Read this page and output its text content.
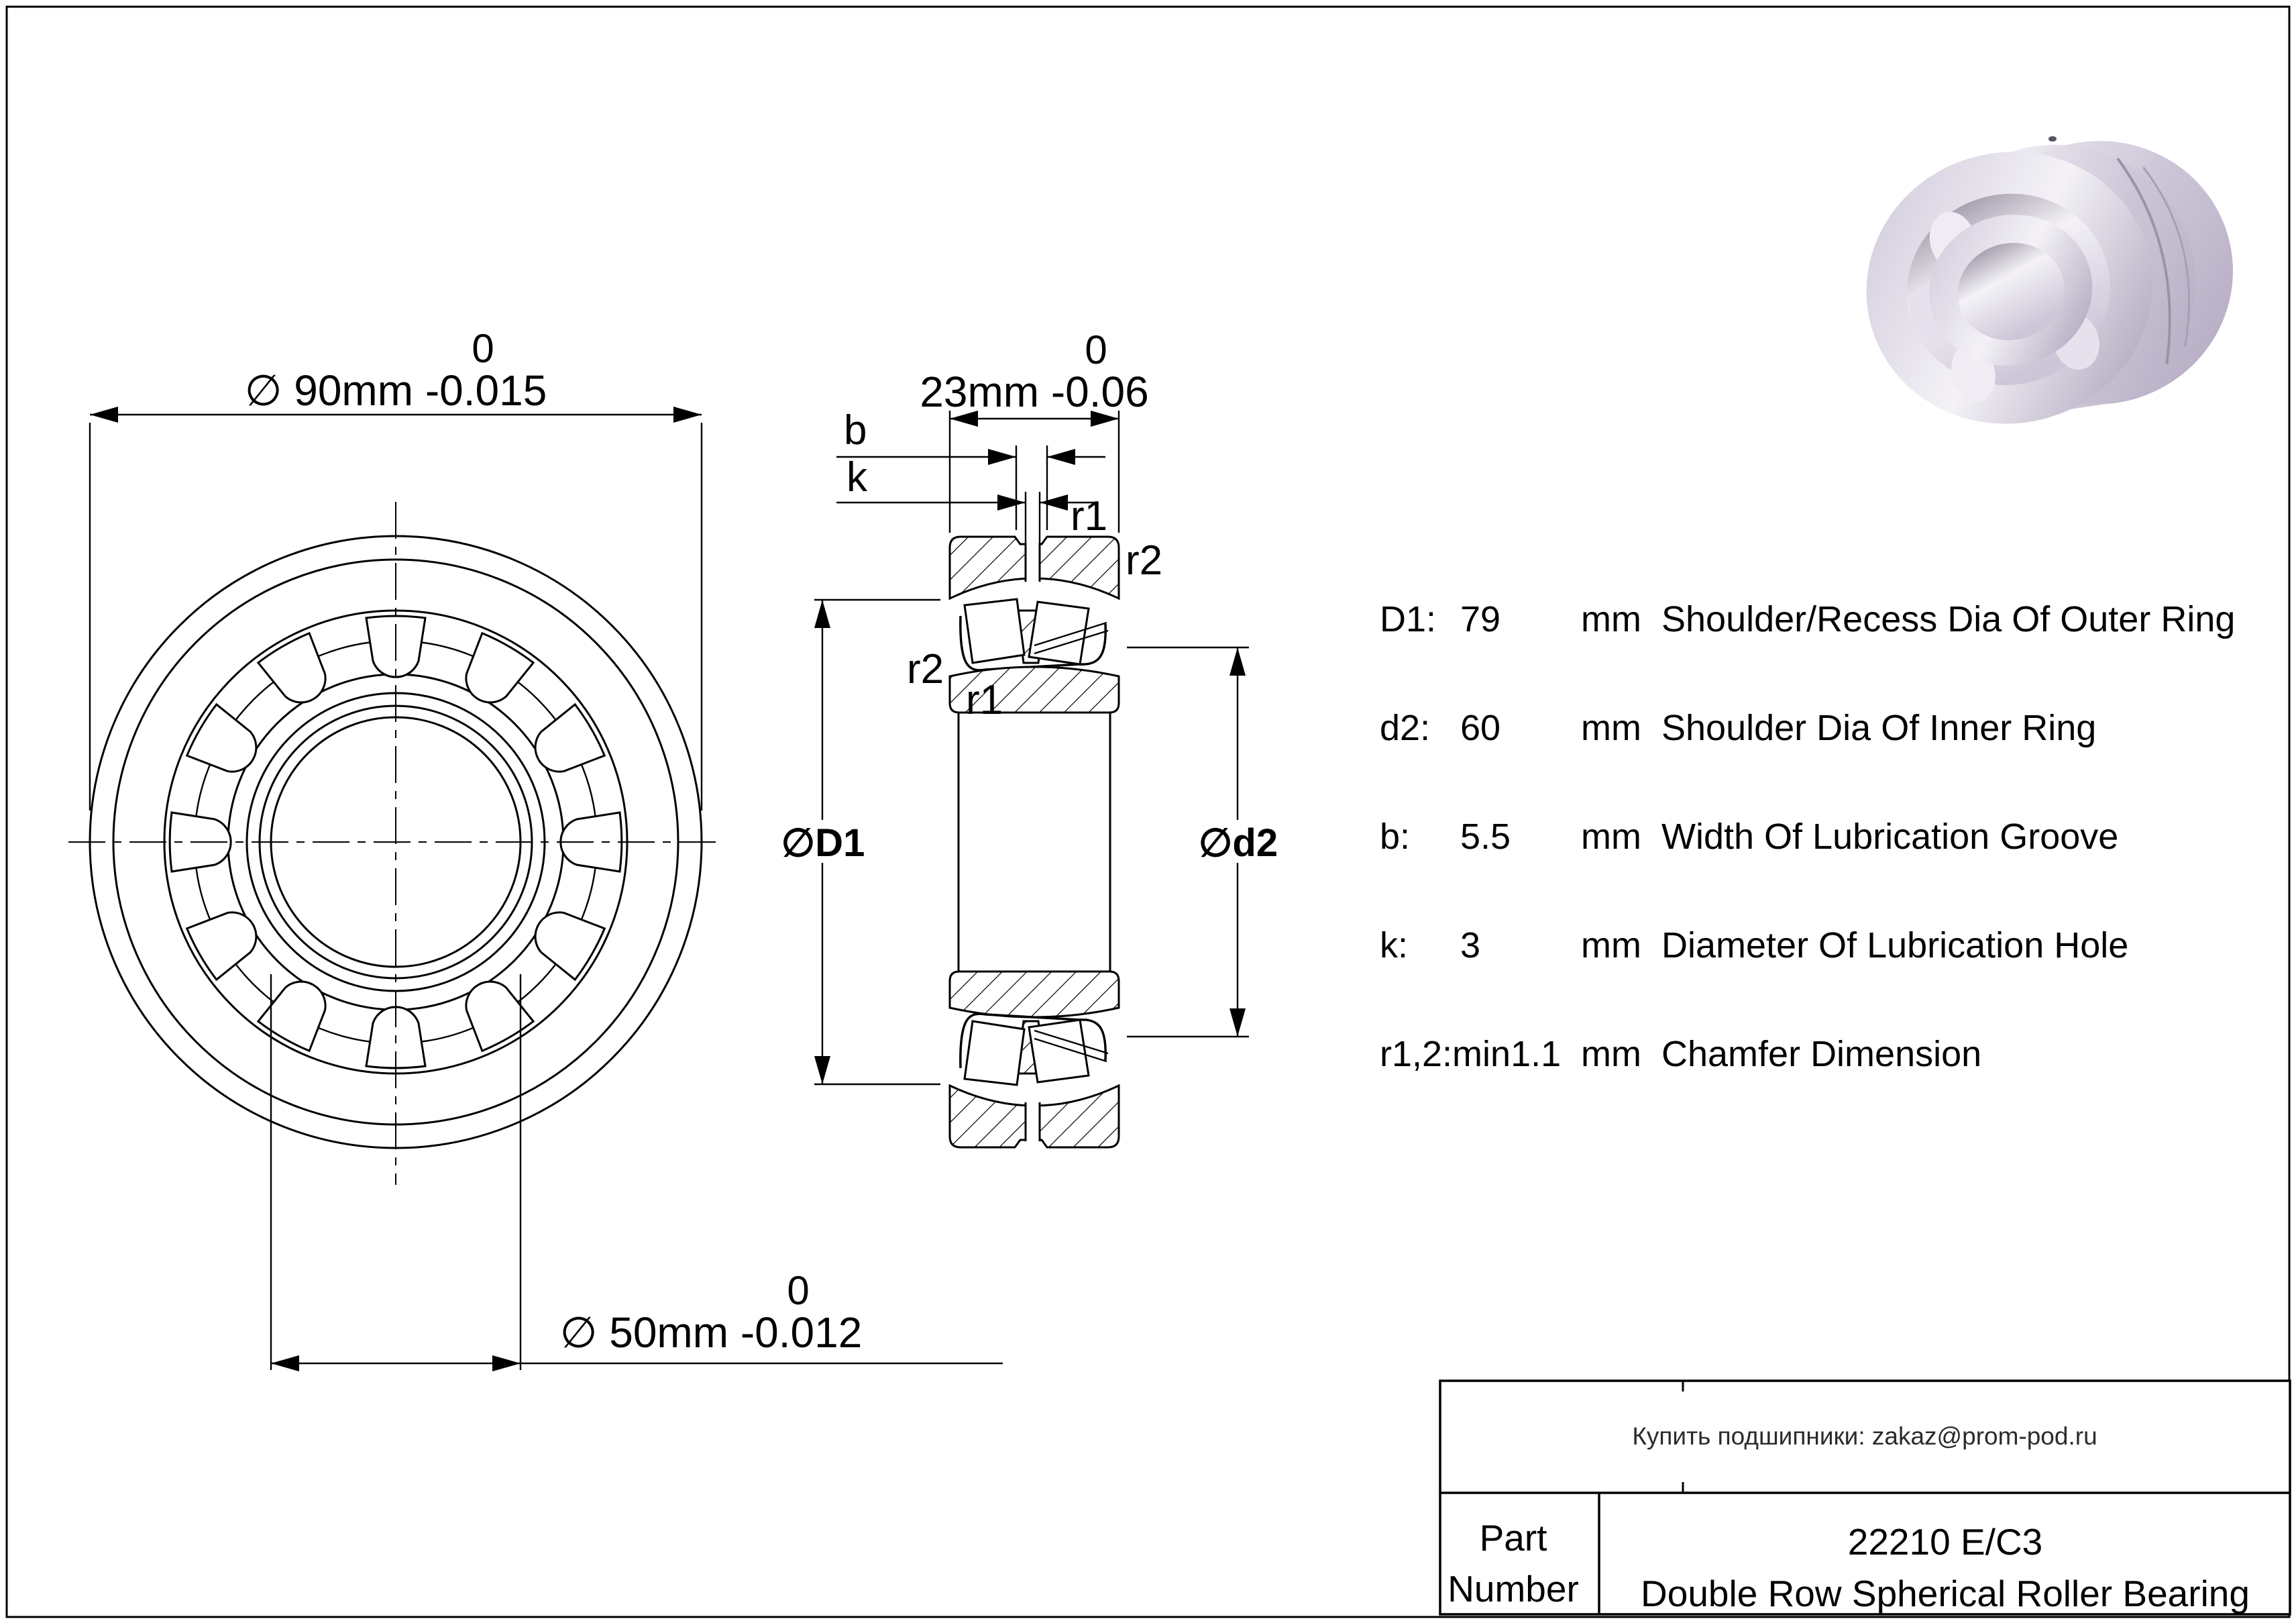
∅ 90mm -0.015
0
∅ 50mm -0.012
0
23mm -0.06
0
b
k
r1
r2
r2
r1
∅D1	∅d2
D1: 79 mm Shoulder/Recess Dia Of Outer Ring
d2: 60 mm Shoulder Dia Of Inner Ring
b: 5.5 mm Width Of Lubrication Groove
k: 3	mm Diameter Of Lubrication Hole
r1,2:min1.1 mm Chamfer Dimension
Купить подшипники: zakaz@prom-pod.ru
Part
Number
22210 E/C3
Double Row Spherical Roller Bearing
